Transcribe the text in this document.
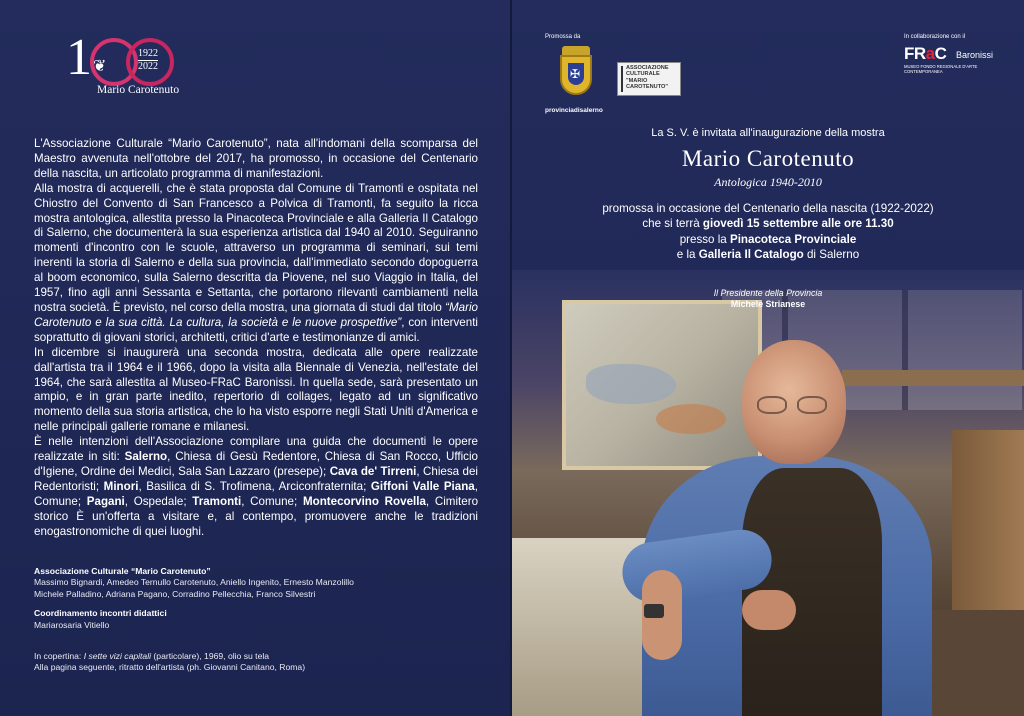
1 ❦
1922
2022
Mario Carotenuto

L'Associazione Culturale “Mario Carotenuto”, nata all'indomani della scomparsa del Maestro avvenuta nell'ottobre del 2017, ha promosso, in occasione del Centenario della nascita, un articolato programma di manifestazioni.

Alla mostra di acquerelli, che è stata proposta dal Comune di Tramonti e ospitata nel Chiostro del Convento di San Francesco a Polvica di Tramonti, fa seguito la ricca mostra antologica, allestita presso la Pinacoteca Provinciale e alla Galleria Il Catalogo di Salerno, che documenterà la sua esperienza artistica dal 1940 al 2010. Seguiranno momenti d'incontro con le scuole, attraverso un programma di seminari, sui temi inerenti la storia di Salerno e della sua provincia, dall'immediato secondo dopoguerra al boom economico, sulla Salerno descritta da Piovene, nel suo Viaggio in Italia, del 1957, fino agli anni Sessanta e Settanta, che portarono rilevanti cambiamenti nella nostra società. È previsto, nel corso della mostra, una giornata di studi dal titolo “Mario Carotenuto e la sua città. La cultura, la società e le nuove prospettive”, con interventi soprattutto di giovani storici, architetti, critici d'arte e testimonianze di amici.

In dicembre si inaugurerà una seconda mostra, dedicata alle opere realizzate dall'artista tra il 1964 e il 1966, dopo la visita alla Biennale di Venezia, nell'estate del 1964, che sarà allestita al Museo-FRaC Baronissi. In quella sede, sarà presentato un ampio, e in gran parte inedito, repertorio di collages, legato ad un significativo momento della sua storia artistica, che lo ha visto esporre negli Stati Uniti d'America e nelle principali gallerie romane e milanesi.

È nelle intenzioni dell'Associazione compilare una guida che documenti le opere realizzate in siti: Salerno, Chiesa di Gesù Redentore, Chiesa di San Rocco, Ufficio d'Igiene, Ordine dei Medici, Sala San Lazzaro (presepe); Cava de' Tirreni, Chiesa dei Redentoristi; Minori, Basilica di S. Trofimena, Arciconfraternita; Giffoni Valle Piana, Comune; Pagani, Ospedale; Tramonti, Comune; Montecorvino Rovella, Cimitero storico È un'offerta a visitare e, al contempo, promuovere anche le tradizioni enogastronomiche di quei luoghi.

Associazione Culturale “Mario Carotenuto”
Massimo Bignardi, Amedeo Ternullo Carotenuto, Aniello Ingenito, Ernesto Manzolillo
Michele Palladino, Adriana Pagano, Corradino Pellecchia, Franco Silvestri
Coordinamento incontri didattici
Mariarosaria Vitiello
In copertina: I sette vizi capitali (particolare), 1969, olio su tela
Alla pagina seguente, ritratto dell'artista (ph. Giovanni Canitano, Roma)
Promossa da
✠
provinciadisalerno
ASSOCIAZIONE
CULTURALE
"MARIO
CAROTENUTO"
In collaborazione con il
FRaC Baronissi
MUSEO FONDO REGIONALE D'ARTE CONTEMPORANEA
La S. V. è invitata all'inaugurazione della mostra
Mario Carotenuto
Antologica 1940-2010
promossa in occasione del Centenario della nascita (1922-2022)
che si terrà giovedì 15 settembre alle ore 11.30
presso la Pinacoteca Provinciale
e la Galleria Il Catalogo di Salerno
Il Presidente della Provincia
Michele Strianese
